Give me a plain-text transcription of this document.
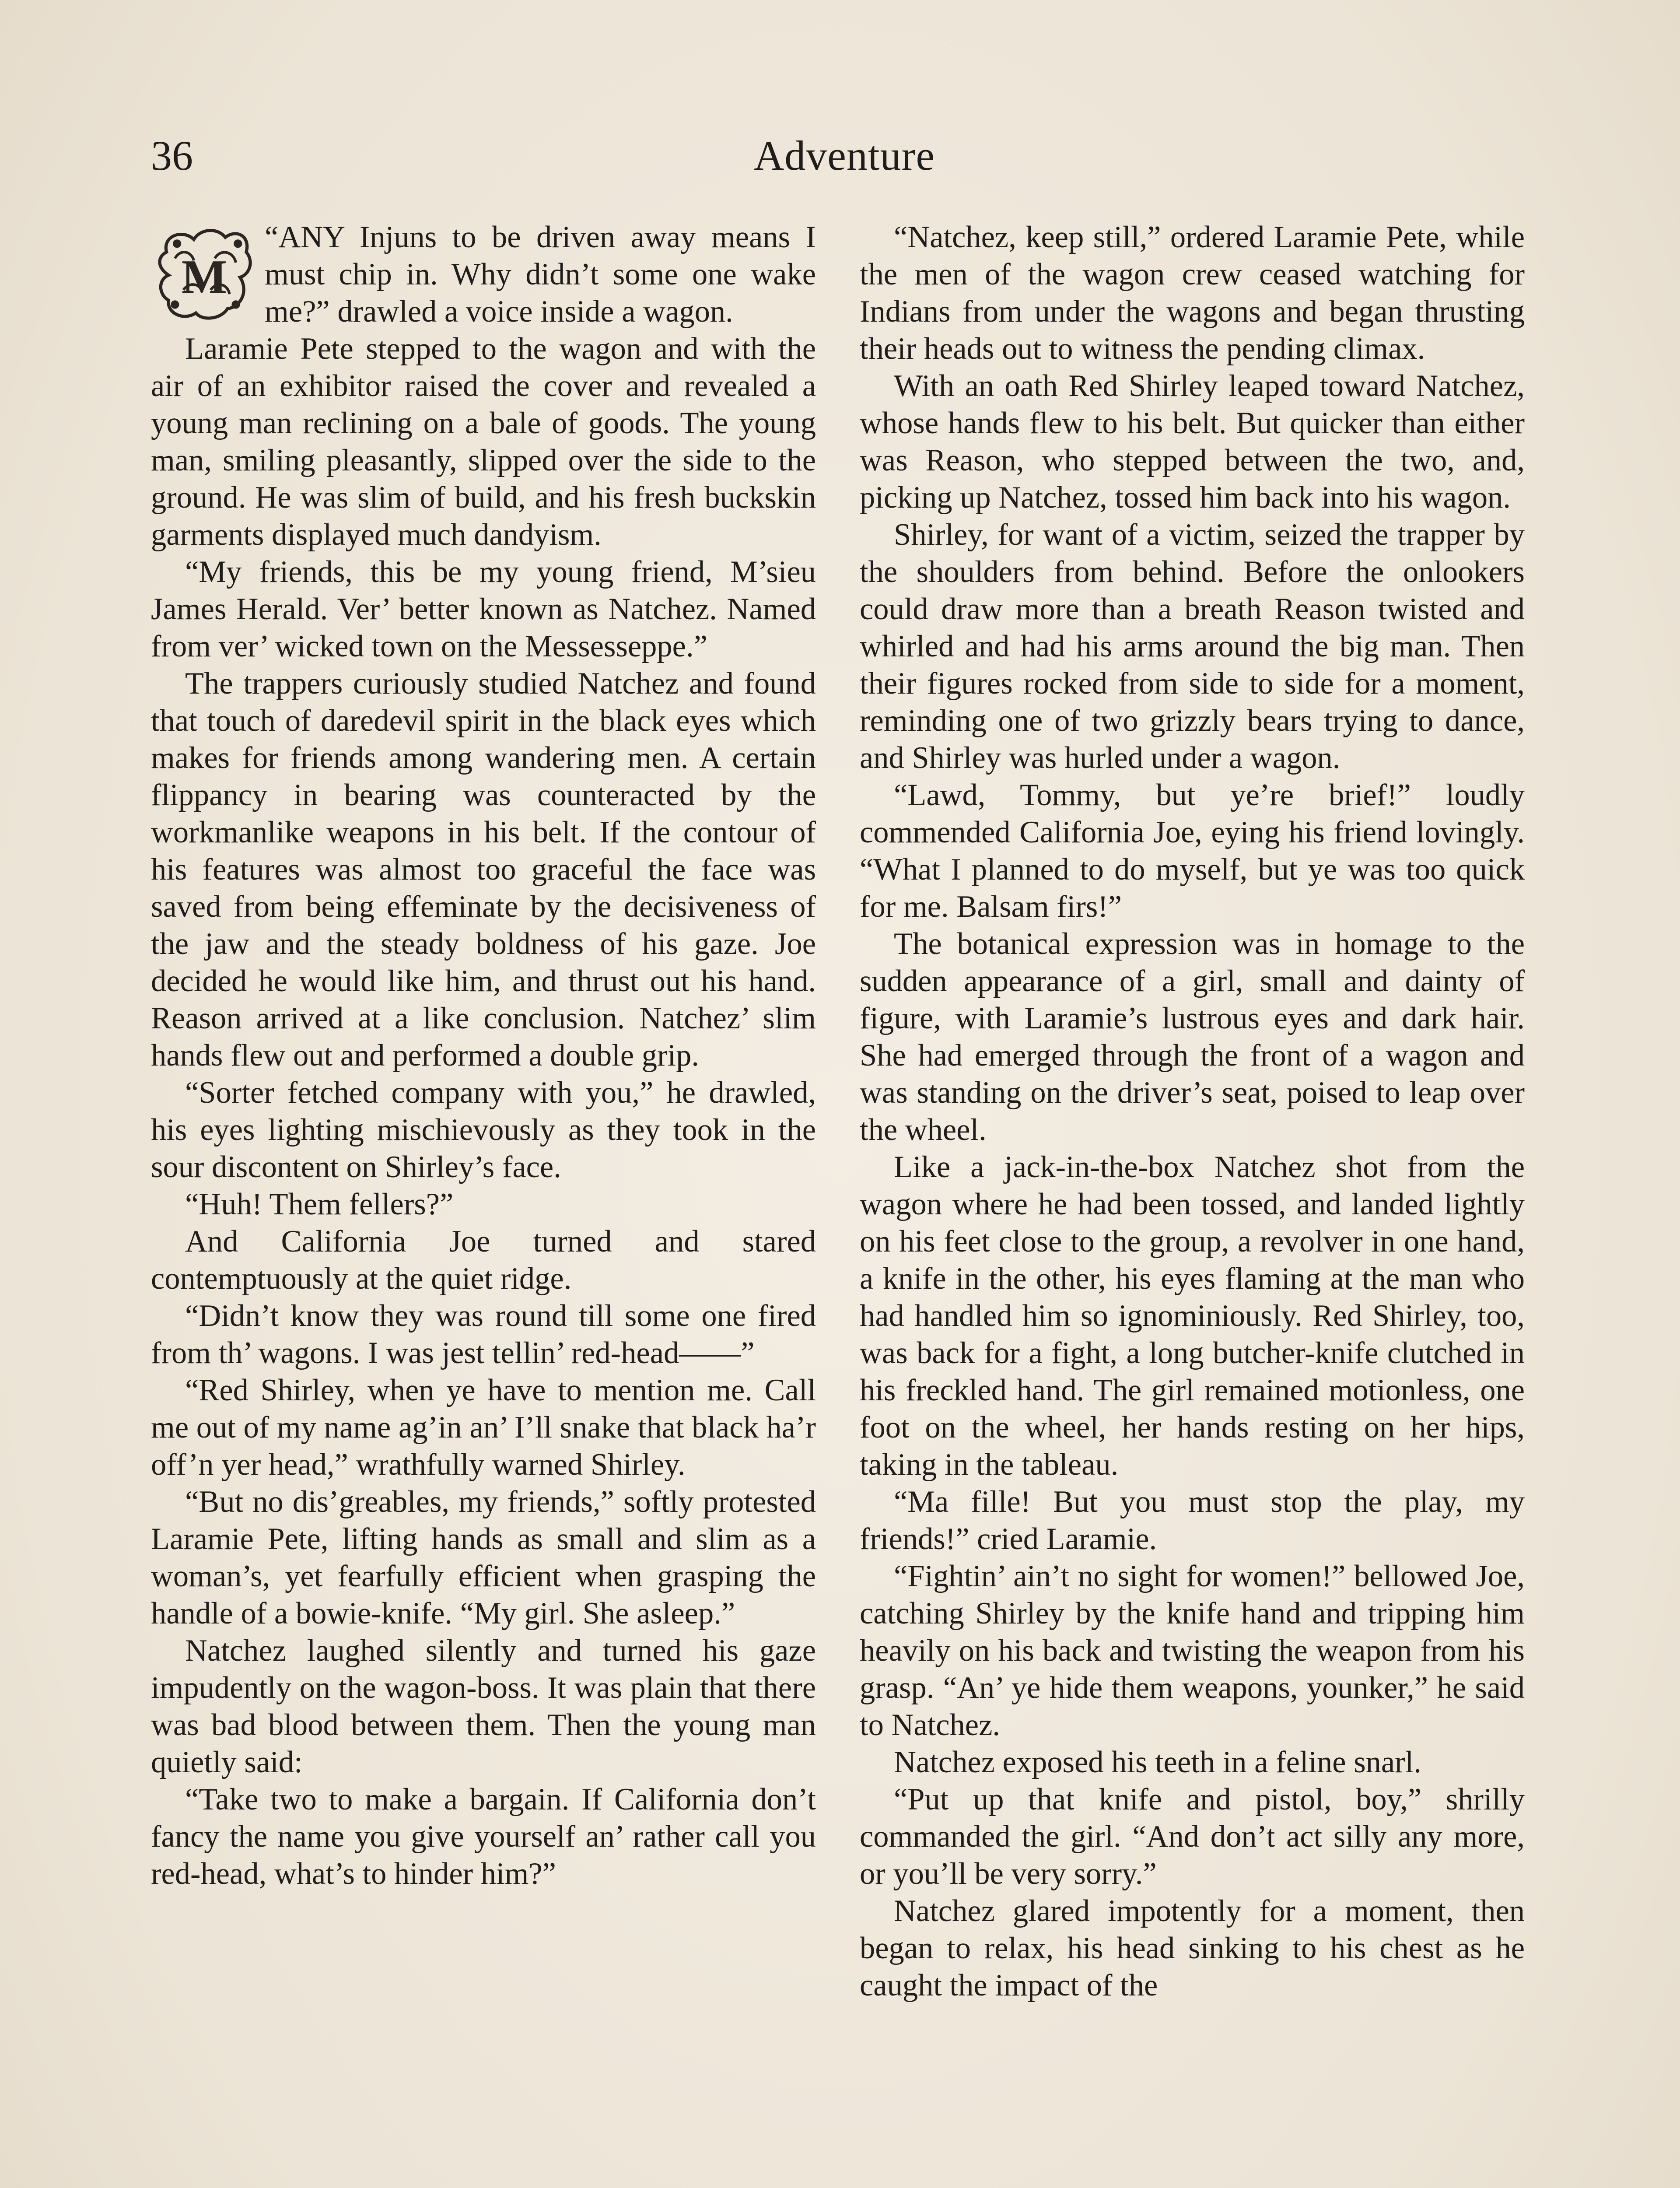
36	Adventure
M

“ANY Injuns to be driven away means I must chip in. Why didn’t some one wake me?” drawled a voice inside a wagon.

Laramie Pete stepped to the wagon and with the air of an exhibitor raised the cover and revealed a young man reclining on a bale of goods. The young man, smiling pleasantly, slipped over the side to the ground. He was slim of build, and his fresh buckskin garments displayed much dandyism.

“My friends, this be my young friend, M’sieu James Herald. Ver’ better known as Natchez. Named from ver’ wicked town on the Messesseppe.”

The trappers curiously studied Natchez and found that touch of daredevil spirit in the black eyes which makes for friends among wandering men. A certain flippancy in bearing was counteracted by the workmanlike weapons in his belt. If the contour of his features was almost too graceful the face was saved from being effeminate by the decisiveness of the jaw and the steady boldness of his gaze. Joe decided he would like him, and thrust out his hand. Reason arrived at a like conclusion. Natchez’ slim hands flew out and performed a double grip.

“Sorter fetched company with you,” he drawled, his eyes lighting mischievously as they took in the sour discontent on Shirley’s face.

“Huh! Them fellers?”

And California Joe turned and stared contemptuously at the quiet ridge.

“Didn’t know they was round till some one fired from th’ wagons. I was jest tellin’ red-head——”

“Red Shirley, when ye have to mention me. Call me out of my name ag’in an’ I’ll snake that black ha’r off’n yer head,” wrathfully warned Shirley.

“But no dis’greables, my friends,” softly protested Laramie Pete, lifting hands as small and slim as a woman’s, yet fearfully efficient when grasping the handle of a bowie-knife. “My girl. She asleep.”

Natchez laughed silently and turned his gaze impudently on the wagon-boss. It was plain that there was bad blood between them. Then the young man quietly said:

“Take two to make a bargain. If California don’t fancy the name you give yourself an’ rather call you red-head, what’s to hinder him?”

“Natchez, keep still,” ordered Laramie Pete, while the men of the wagon crew ceased watching for Indians from under the wagons and began thrusting their heads out to witness the pending climax.

With an oath Red Shirley leaped toward Natchez, whose hands flew to his belt. But quicker than either was Reason, who stepped between the two, and, picking up Natchez, tossed him back into his wagon.

Shirley, for want of a victim, seized the trapper by the shoulders from behind. Before the onlookers could draw more than a breath Reason twisted and whirled and had his arms around the big man. Then their figures rocked from side to side for a moment, reminding one of two grizzly bears trying to dance, and Shirley was hurled under a wagon.

“Lawd, Tommy, but ye’re brief!” loudly commended California Joe, eying his friend lovingly. “What I planned to do myself, but ye was too quick for me. Balsam firs!”

The botanical expression was in homage to the sudden appearance of a girl, small and dainty of figure, with Laramie’s lustrous eyes and dark hair. She had emerged through the front of a wagon and was standing on the driver’s seat, poised to leap over the wheel.

Like a jack-in-the-box Natchez shot from the wagon where he had been tossed, and landed lightly on his feet close to the group, a revolver in one hand, a knife in the other, his eyes flaming at the man who had handled him so ignominiously. Red Shirley, too, was back for a fight, a long butcher-knife clutched in his freckled hand. The girl remained motionless, one foot on the wheel, her hands resting on her hips, taking in the tableau.

“Ma fille! But you must stop the play, my friends!” cried Laramie.

“Fightin’ ain’t no sight for women!” bellowed Joe, catching Shirley by the knife hand and tripping him heavily on his back and twisting the weapon from his grasp. “An’ ye hide them weapons, younker,” he said to Natchez.

Natchez exposed his teeth in a feline snarl.

“Put up that knife and pistol, boy,” shrilly commanded the girl. “And don’t act silly any more, or you’ll be very sorry.”

Natchez glared impotently for a moment, then began to relax, his head sinking to his chest as he caught the impact of the
